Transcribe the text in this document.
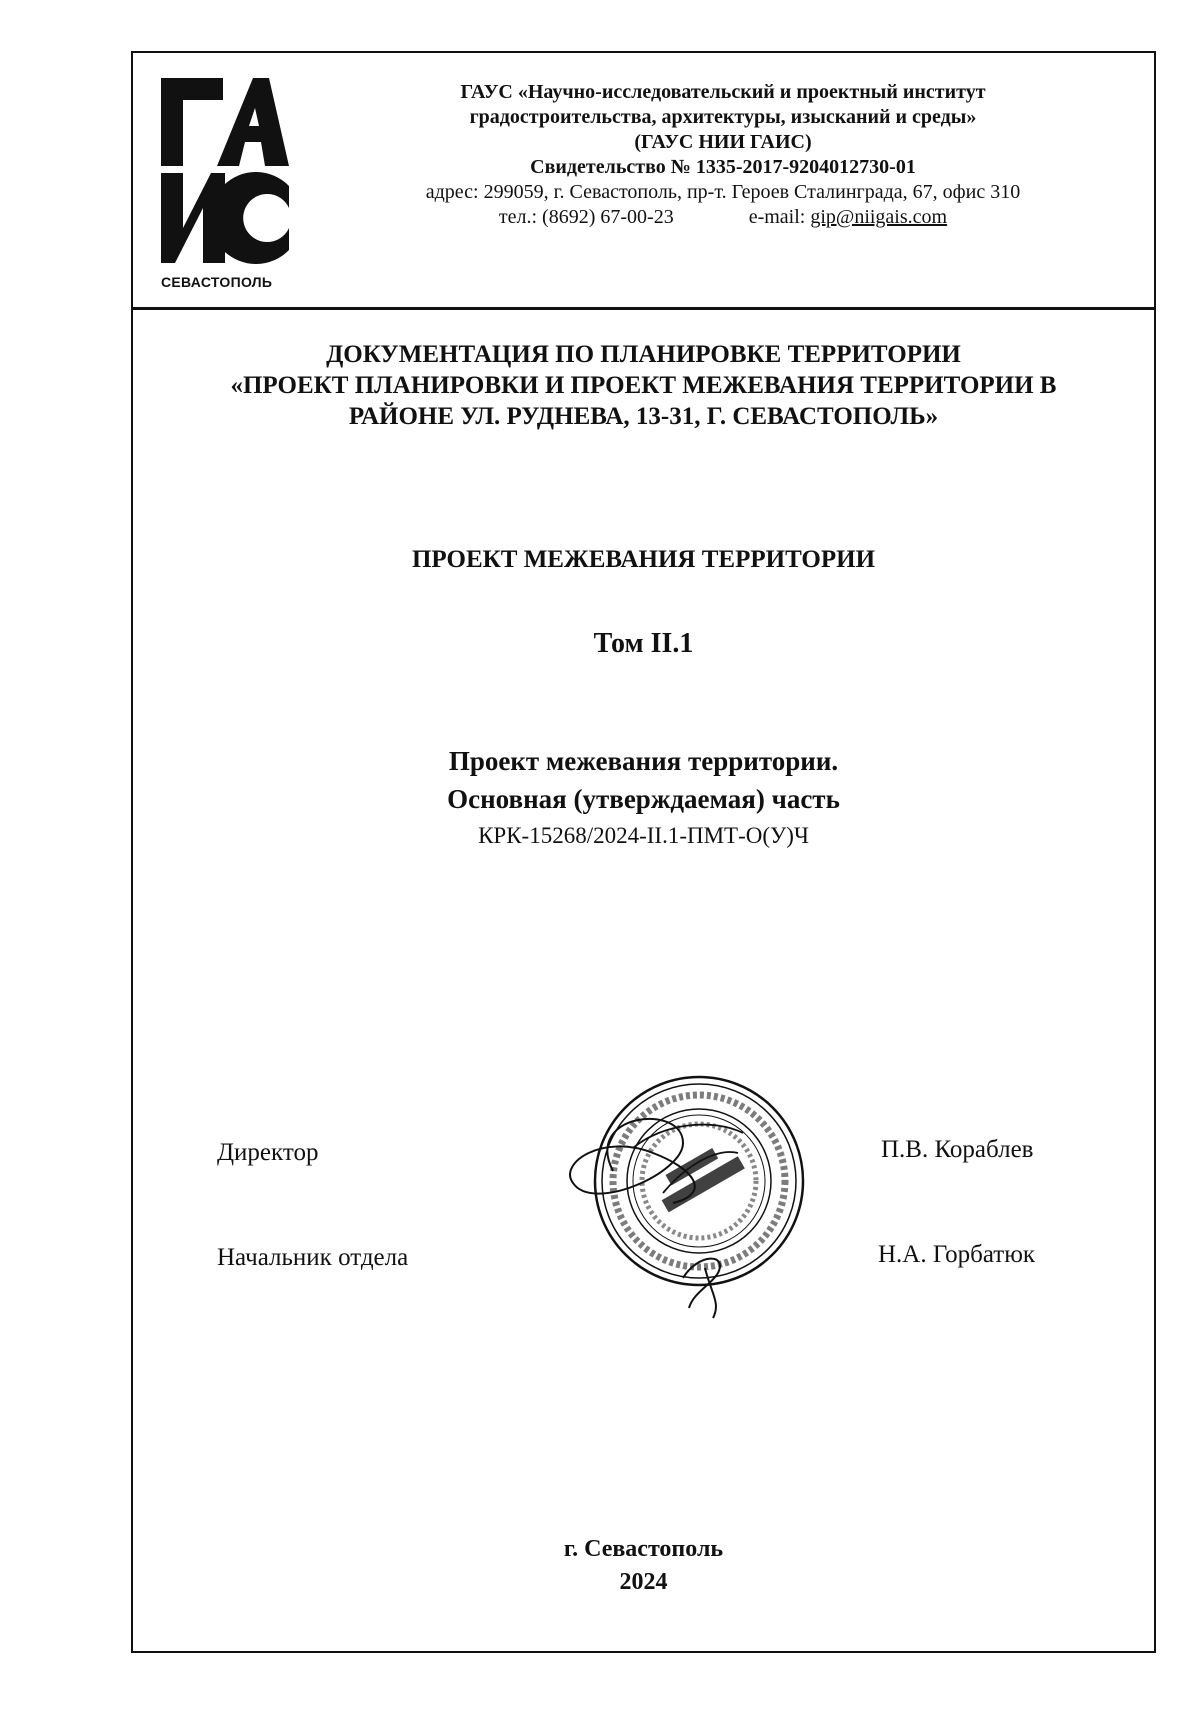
СЕВАСТОПОЛЬ
ГАУС «Научно-исследовательский и проектный институт
градостроительства, архитектуры, изысканий и среды»
(ГАУС НИИ ГАИС)
Свидетельство № 1335-2017-9204012730-01
адрес: 299059, г. Севастополь, пр-т. Героев Сталинграда, 67, офис 310
тел.: (8692) 67-00-23	e-mail: gip@niigais.com
ДОКУМЕНТАЦИЯ ПО ПЛАНИРОВКЕ ТЕРРИТОРИИ
«ПРОЕКТ ПЛАНИРОВКИ И ПРОЕКТ МЕЖЕВАНИЯ ТЕРРИТОРИИ В
РАЙОНЕ УЛ. РУДНЕВА, 13-31, Г. СЕВАСТОПОЛЬ»
ПРОЕКТ МЕЖЕВАНИЯ ТЕРРИТОРИИ
Том II.1
Проект межевания территории.
Основная (утверждаемая) часть
КРК-15268/2024-II.1-ПМТ-О(У)Ч
Директор	П.В. Кораблев
Начальник отдела	Н.А. Горбатюк
г. Севастополь
2024
